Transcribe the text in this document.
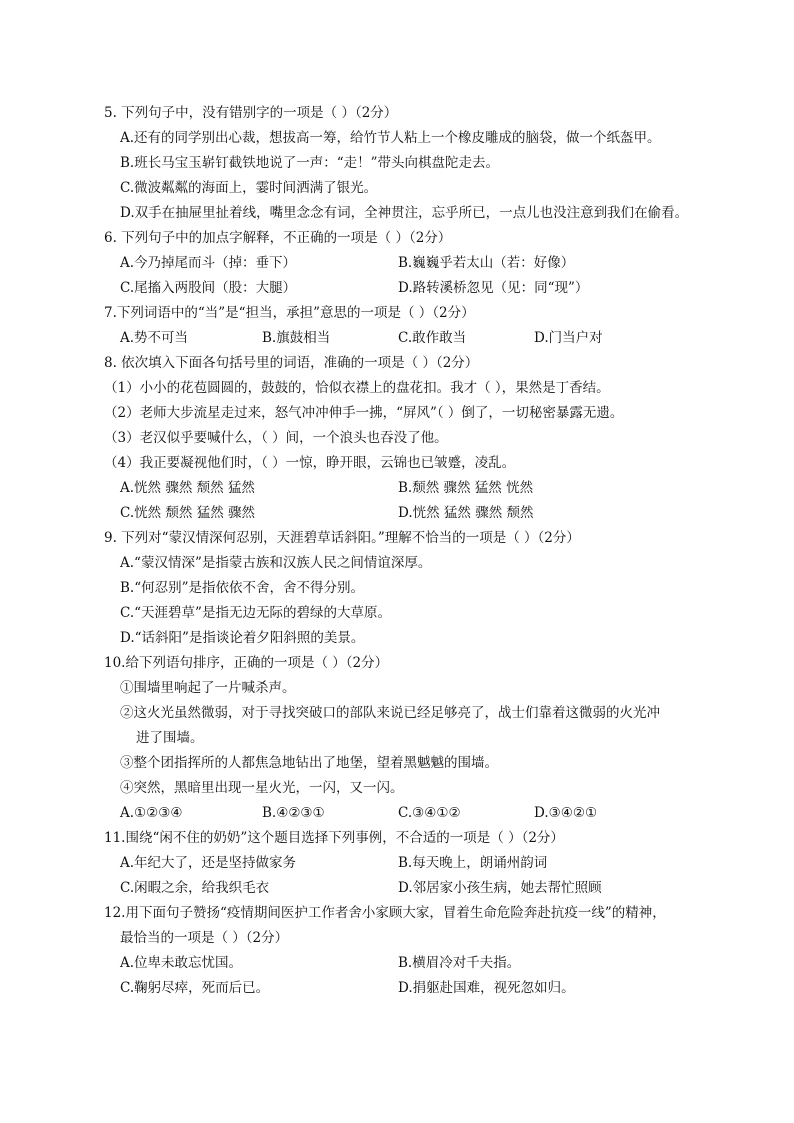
5. 下列句子中，没有错别字的一项是（ ）（2分）
A.还有的同学别出心裁，想拔高一筹，给竹节人粘上一个橡皮雕成的脑袋，做一个纸盔甲。
B.班长马宝玉崭钉截铁地说了一声：“走！”带头向棋盘陀走去。
C.微波粼粼的海面上，霎时间洒满了银光。
D.双手在抽屉里扯着线，嘴里念念有词，全神贯注，忘乎所已，一点儿也没注意到我们在偷看。
6. 下列句子中的加点字解释，不正确的一项是（ ）（2分）
A.今乃掉尾而斗（掉：垂下）	B.巍巍乎若太山（若：好像）
C.尾搐入两股间（股：大腿）	D.路转溪桥忽见（见：同“现”）
7.下列词语中的“当”是“担当，承担”意思的一项是（ ）（2分）
A.势不可当	B.旗鼓相当	C.敢作敢当	D.门当户对
8. 依次填入下面各句括号里的词语，准确的一项是（ ）（2分）
（1）小小的花苞圆圆的，鼓鼓的，恰似衣襟上的盘花扣。我才（ ），果然是丁香结。
（2）老师大步流星走过来，怒气冲冲伸手一拂，“屏风”（ ）倒了，一切秘密暴露无遗。
（3）老汉似乎要喊什么，（ ）间，一个浪头也吞没了他。
（4）我正要凝视他们时，（ ）一惊，睁开眼，云锦也已皱蹙，凌乱。
A.恍然 骤然 颓然 猛然	B.颓然 骤然 猛然 恍然
C.恍然 颓然 猛然 骤然	D.恍然 猛然 骤然 颓然
9. 下列对“蒙汉情深何忍别，天涯碧草话斜阳。”理解不恰当的一项是（ ）（2分）
A.“蒙汉情深”是指蒙古族和汉族人民之间情谊深厚。
B.“何忍别”是指依依不舍，舍不得分别。
C.“天涯碧草”是指无边无际的碧绿的大草原。
D.“话斜阳”是指谈论着夕阳斜照的美景。
10.给下列语句排序，正确的一项是（ ）（2分）
①围墙里响起了一片喊杀声。
②这火光虽然微弱，对于寻找突破口的部队来说已经足够亮了，战士们靠着这微弱的火光冲
进了围墙。
③整个团指挥所的人都焦急地钻出了地堡，望着黑魆魆的围墙。
④突然，黑暗里出现一星火光，一闪，又一闪。
A.①②③④	B.④②③①	C.③④①②	D.③④②①
11.围绕“闲不住的奶奶”这个题目选择下列事例，不合适的一项是（ ）（2分）
A.年纪大了，还是坚持做家务	B.每天晚上，朗诵州韵词
C.闲暇之余，给我织毛衣	D.邻居家小孩生病，她去帮忙照顾
12.用下面句子赞扬“疫情期间医护工作者舍小家顾大家，冒着生命危险奔赴抗疫一线”的精神，
最恰当的一项是（ ）（2分）
A.位卑未敢忘忧国。	B.横眉冷对千夫指。
C.鞠躬尽瘁，死而后已。	D.捐躯赴国难，视死忽如归。
